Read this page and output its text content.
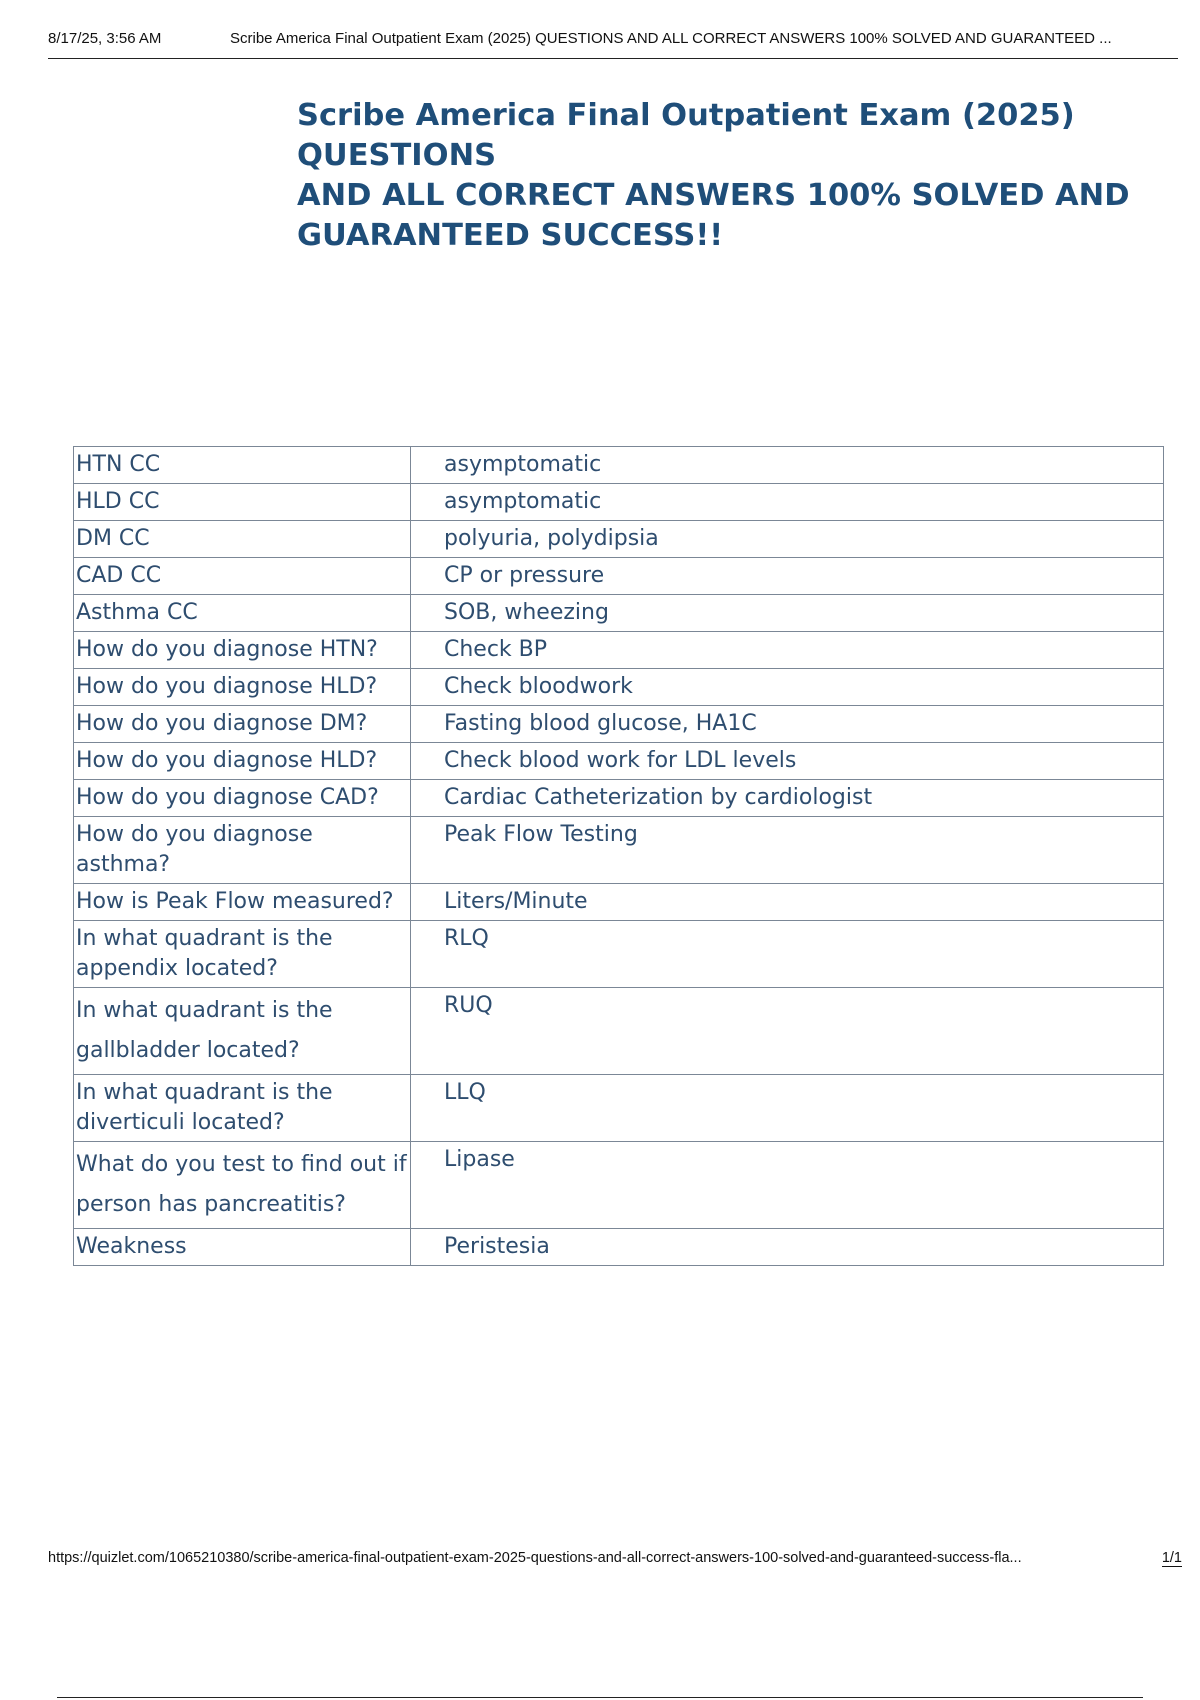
8/17/25, 3:56 AM	Scribe America Final Outpatient Exam (2025) QUESTIONS AND ALL CORRECT ANSWERS 100% SOLVED AND GUARANTEED ...
Scribe America Final Outpatient Exam (2025) QUESTIONS
AND ALL CORRECT ANSWERS 100% SOLVED AND
GUARANTEED SUCCESS!!
HTN CC	asymptomatic
HLD CC	asymptomatic
DM CC	polyuria, polydipsia
CAD CC	CP or pressure
Asthma CC	SOB, wheezing
How do you diagnose HTN?	Check BP
How do you diagnose HLD?	Check bloodwork
How do you diagnose DM?	Fasting blood glucose, HA1C
How do you diagnose HLD?	Check blood work for LDL levels
How do you diagnose CAD?	Cardiac Catheterization by cardiologist
How do you diagnose asthma?	Peak Flow Testing
How is Peak Flow measured?	Liters/Minute
In what quadrant is the appendix located?	RLQ
In what quadrant is the gallbladder located?	RUQ
In what quadrant is the diverticuli located?	LLQ
What do you test to find out if person has pancreatitis?	Lipase
Weakness	Peristesia
https://quizlet.com/1065210380/scribe-america-final-outpatient-exam-2025-questions-and-all-correct-answers-100-solved-and-guaranteed-success-fla...	1/1
